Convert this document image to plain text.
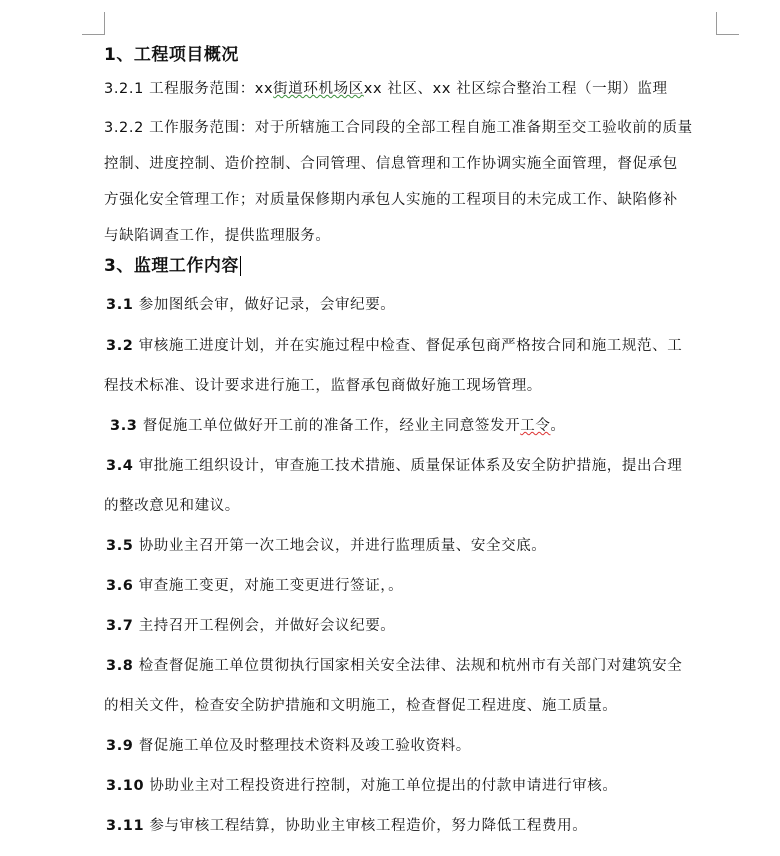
1、工程项目概况
3.2.1 工程服务范围：xx街道环机场区xx 社区、xx 社区综合整治工程（一期）监理
3.2.2 工作服务范围：对于所辖施工合同段的全部工程自施工准备期至交工验收前的质量
控制、进度控制、造价控制、合同管理、信息管理和工作协调实施全面管理，督促承包
方强化安全管理工作；对质量保修期内承包人实施的工程项目的未完成工作、缺陷修补
与缺陷调查工作，提供监理服务。
3、监理工作内容
3.1 参加图纸会审，做好记录，会审纪要。
3.2 审核施工进度计划，并在实施过程中检查、督促承包商严格按合同和施工规范、工
程技术标准、设计要求进行施工，监督承包商做好施工现场管理。
3.3 督促施工单位做好开工前的准备工作，经业主同意签发开工令。
3.4 审批施工组织设计，审查施工技术措施、质量保证体系及安全防护措施，提出合理
的整改意见和建议。
3.5 协助业主召开第一次工地会议，并进行监理质量、安全交底。
3.6 审查施工变更，对施工变更进行签证，。
3.7 主持召开工程例会，并做好会议纪要。
3.8 检查督促施工单位贯彻执行国家相关安全法律、法规和杭州市有关部门对建筑安全
的相关文件，检查安全防护措施和文明施工，检查督促工程进度、施工质量。
3.9 督促施工单位及时整理技术资料及竣工验收资料。
3.10 协助业主对工程投资进行控制，对施工单位提出的付款申请进行审核。
3.11 参与审核工程结算，协助业主审核工程造价，努力降低工程费用。
